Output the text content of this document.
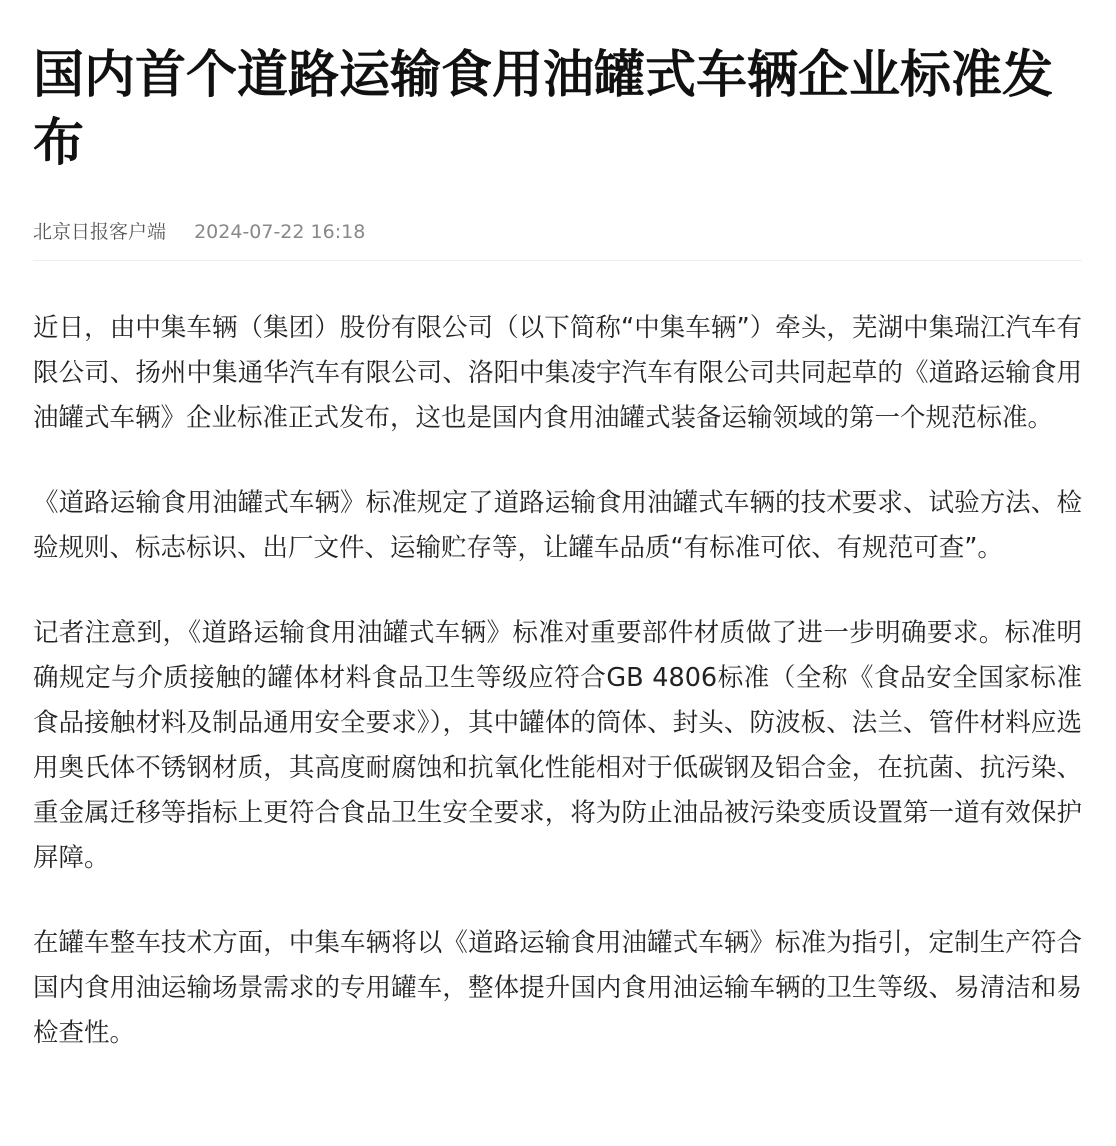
国内首个道路运输食用油罐式车辆企业标准发布
北京日报客户端 2024-07-22 16:18

近日，由中集车辆（集团）股份有限公司（以下简称“中集车辆”）牵头，芜湖中集瑞江汽车有限公司、扬州中集通华汽车有限公司、洛阳中集凌宇汽车有限公司共同起草的《道路运输食用油罐式车辆》企业标准正式发布，这也是国内食用油罐式装备运输领域的第一个规范标准。

《道路运输食用油罐式车辆》标准规定了道路运输食用油罐式车辆的技术要求、试验方法、检验规则、标志标识、出厂文件、运输贮存等，让罐车品质“有标准可依、有规范可查”。

记者注意到，《道路运输食用油罐式车辆》标准对重要部件材质做了进一步明确要求。标准明确规定与介质接触的罐体材料食品卫生等级应符合GB 4806标准（全称《食品安全国家标准 食品接触材料及制品通用安全要求》），其中罐体的筒体、封头、防波板、法兰、管件材料应选用奥氏体不锈钢材质，其高度耐腐蚀和抗氧化性能相对于低碳钢及铝合金，在抗菌、抗污染、重金属迁移等指标上更符合食品卫生安全要求，将为防止油品被污染变质设置第一道有效保护屏障。

在罐车整车技术方面，中集车辆将以《道路运输食用油罐式车辆》标准为指引，定制生产符合国内食用油运输场景需求的专用罐车，整体提升国内食用油运输车辆的卫生等级、易清洁和易检查性。
